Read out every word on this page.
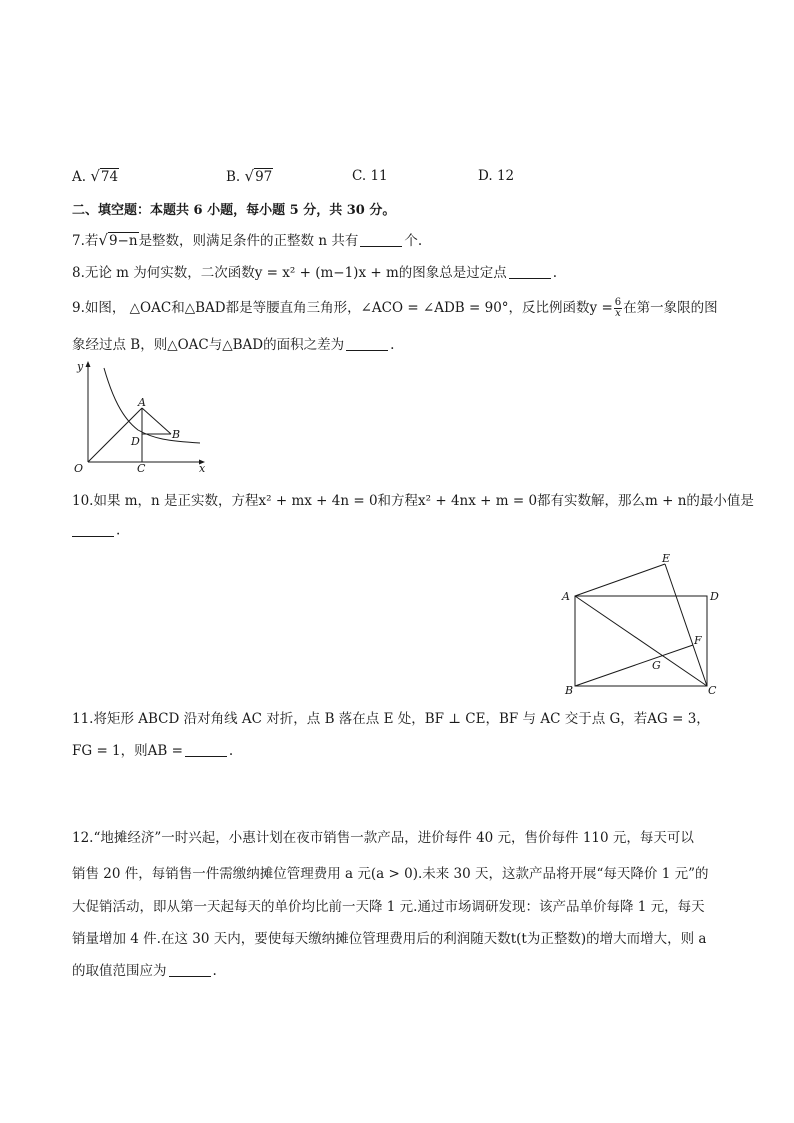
A. √74	B. √97	C. 11	D. 12
二、填空题：本题共 6 小题，每小题 5 分，共 30 分。
7.若√9−n是整数，则满足条件的正整数 n 共有	个.
8.无论 m 为何实数，二次函数y = x² + (m−1)x + m的图象总是过定点	.
9.如图， △OAC和△BAD都是等腰直角三角形，∠ACO = ∠ADB = 90°，反比例函数$y = \frac{6}{x}$ 在第一象限的图
象经过点 B，则△OAC与△BAD的面积之差为	.
y
x
O
A
B
C
D
10.如果 m，n 是正实数，方程x² + mx + 4n = 0和方程x² + 4nx + m = 0都有实数解，那么m + n的最小值是
.
A
B	C
D
E
F
G
11.将矩形 ABCD 沿对角线 AC 对折，点 B 落在点 E 处，BF ⊥ CE，BF 与 AC 交于点 G，若AG = 3，
FG = 1，则AB =	.
12.“地摊经济”一时兴起，小惠计划在夜市销售一款产品，进价每件 40 元，售价每件 110 元，每天可以
销售 20 件，每销售一件需缴纳摊位管理费用 a 元(a > 0).未来 30 天，这款产品将开展“每天降价 1 元”的
大促销活动，即从第一天起每天的单价均比前一天降 1 元.通过市场调研发现：该产品单价每降 1 元，每天
销量增加 4 件.在这 30 天内，要使每天缴纳摊位管理费用后的利润随天数t(t为正整数)的增大而增大，则 a
的取值范围应为	.
